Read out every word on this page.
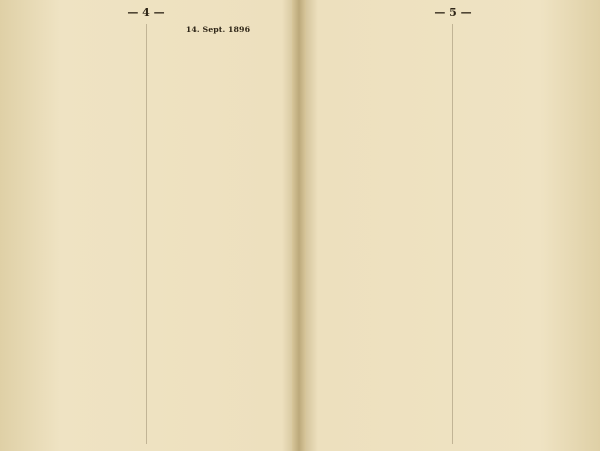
— 4 —

14. Sept. 1896

— 5 —
